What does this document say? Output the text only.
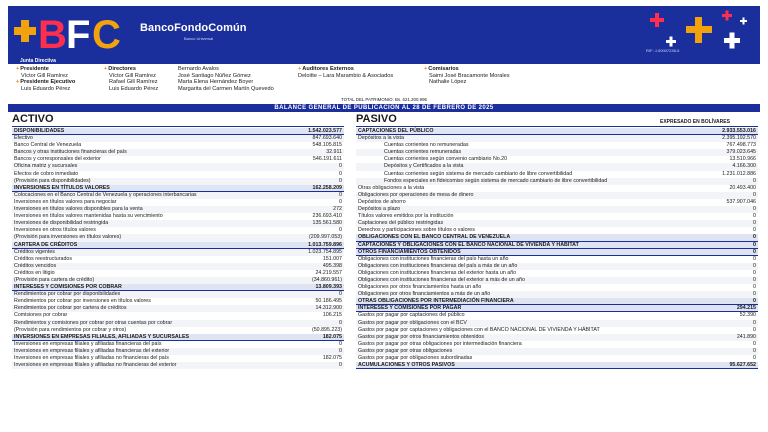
B F C BancoFondoComún
Banco Universal
RIF: J-00007238-5
Junta Directiva
+ Presidente
Víctor Gill Ramírez
+ Presidente Ejecutivo
Luis Eduardo Pérez
+ Directores
Víctor Gill Ramírez
Rafael Gill Ramírez
Luis Eduardo Pérez
Bernardo Avalos
José Santiago Núñez Gómez
Marta Elena Hernández Boyer
Margarita del Carmen Martín Quevedo
+ Auditores Externos
Deloitte – Lara Marambio & Asociados
+ Comisarios
Saimi José Bracamonte Morales
Nathalie López
TOTAL DEL PATRIMONIO: Bs. 621.200.996
BALANCE GENERAL DE PUBLICACIÓN AL 28 DE FEBRERO DE 2025
ACTIVO	PASIVO	EXPRESADO EN BOLÍVARES
DISPONIBILIDADES	1.542.023.577
Efectivo	847.693.640
Banco Central de Venezuela	548.105.815
Bancos y otras instituciones financieras del país	32.911
Bancos y corresponsales del exterior	546.191.611
Oficina matriz y sucursales	0
Efectos de cobro inmediato	0
(Provisión para disponibilidades)	0
INVERSIONES EN TÍTULOS VALORES	162.258.209
Colocaciones en el Banco Central de Venezuela y operaciones interbancarias	0
Inversiones en títulos valores para negociar	0
Inversiones en títulos valores disponibles para la venta	272
Inversiones en títulos valores mantenidas hasta su vencimiento	236.693.410
Inversiones de disponibilidad restringida	135.561.580
Inversiones en otros títulos valores	0
(Provisión para inversiones en títulos valores)	(209.997.053)
CARTERA DE CRÉDITOS	1.013.759.896
Créditos vigentes	1.023.754.895
Créditos reestructurados	151.007
Créditos vencidos	495.398
Créditos en litigio	24.219.557
(Provisión para cartera de crédito)	(34.860.961)
INTERESES Y COMISIONES POR COBRAR	13.809.393
Rendimientos por cobrar por disponibilidades	0
Rendimientos por cobrar por inversiones en títulos valores	50.186.495
Rendimientos por cobrar por cartera de créditos	14.312.900
Comisiones por cobrar	106.215
Rendimientos y comisiones por cobrar por otras cuentas por cobrar	0
(Provisión para rendimientos por cobrar y otros)	(50.895.223)
INVERSIONES EN EMPRESAS FILIALES, AFILIADAS Y SUCURSALES	182.075
Inversiones en empresas filiales y afiliadas financieras del país	0
Inversiones en empresas filiales y afiliadas financieras del exterior	0
Inversiones en empresas filiales y afiliadas no financieras del país	182.075
Inversiones en empresas filiales y afiliadas no financieras del exterior	0
CAPTACIONES DEL PÚBLICO	2.933.553.016
Depósitos a la vista	2.395.192.570
Cuentas corrientes no remuneradas	767.498.773
Cuentas corrientes remuneradas	379.023.645
Cuentas corrientes según convenio cambiario No.20	13.510.966
Depósitos y Certificados a la vista	4.166.300
Cuentas corrientes según sistema de mercado cambiario de libre convertibilidad	1.231.012.886
Fondos especiales en fideicomiso según sistema de mercado cambiario de libre convertibilidad	0
Otras obligaciones a la vista	20.493.400
Obligaciones por operaciones de mesa de dinero	0
Depósitos de ahorro	537.907.046
Depósitos a plazo	0
Títulos valores emitidos por la institución	0
Captaciones del público restringidas	0
Derechos y participaciones sobre títulos o valores	0
OBLIGACIONES CON EL BANCO CENTRAL DE VENEZUELA	0
CAPTACIONES Y OBLIGACIONES CON EL BANCO NACIONAL DE VIVIENDA Y HÁBITAT	0
OTROS FINANCIAMIENTOS OBTENIDOS	0
Obligaciones con instituciones financieras del país hasta un año	0
Obligaciones con instituciones financieras del país a más de un año	0
Obligaciones con instituciones financieras del exterior hasta un año	0
Obligaciones con instituciones financieras del exterior a más de un año	0
Obligaciones por otros financiamientos hasta un año	0
Obligaciones por otros financiamientos a más de un año	0
OTRAS OBLIGACIONES POR INTERMEDIACIÓN FINANCIERA	0
INTERESES Y COMISIONES POR PAGAR	294.215
Gastos por pagar por captaciones del público	52.390
Gastos por pagar por obligaciones con el BCV	0
Gastos por pagar por captaciones y obligaciones con el BANCO NACIONAL DE VIVIENDA Y HÁBITAT	0
Gastos por pagar por otros financiamientos obtenidos	241.890
Gastos por pagar por otras obligaciones por intermediación financiera	0
Gastos por pagar por otras obligaciones	0
Gastos por pagar por obligaciones subordinadas	0
ACUMULACIONES Y OTROS PASIVOS	95.627.652
